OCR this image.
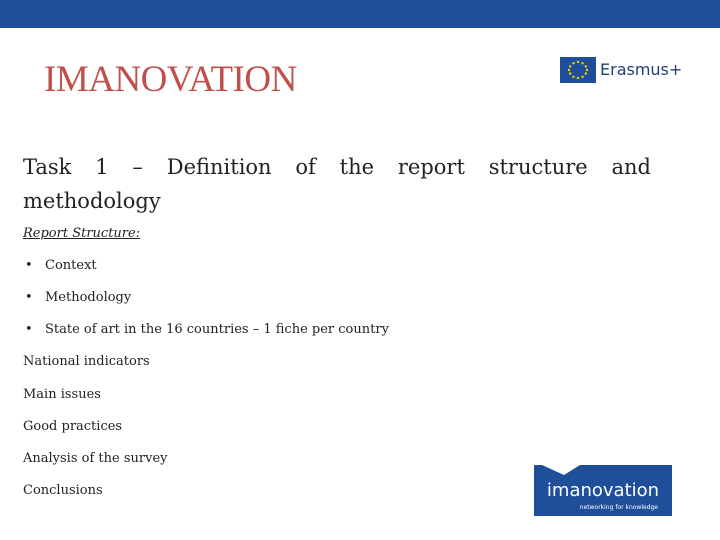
IMANOVATION	Erasmus+
Task 1 – Definition of the report structure and methodology
Report Structure:
• Context
• Methodology
• State of art in the 16 countries – 1 fiche per country
National indicators
Main issues
Good practices
Analysis of the survey
Conclusions	imanovation
networking for knowledge
